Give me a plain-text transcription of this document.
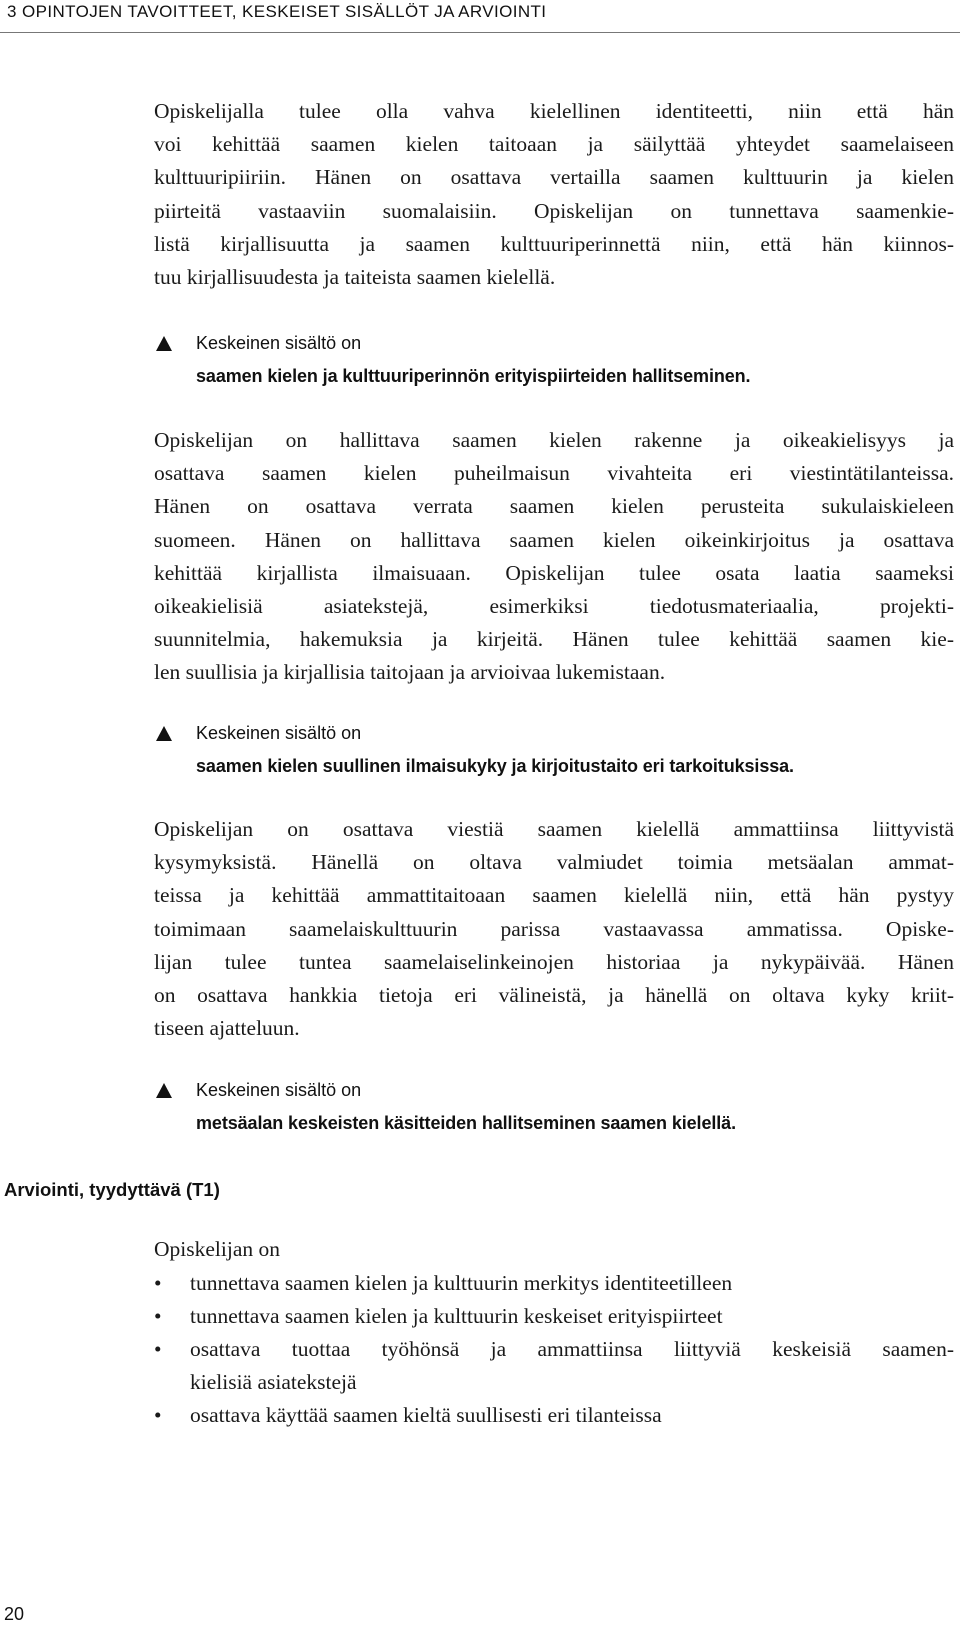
3 OPINTOJEN TAVOITTEET, KESKEISET SISÄLLÖT JA ARVIOINTI

Opiskelijalla tulee olla vahva kielellinen identiteetti, niin että hän
voi kehittää saamen kielen taitoaan ja säilyttää yhteydet saamelaiseen
kulttuuripiiriin. Hänen on osattava vertailla saamen kulttuurin ja kielen
piirteitä vastaaviin suomalaisiin. Opiskelijan on tunnettava saamenkie-
listä kirjallisuutta ja saamen kulttuuriperinnettä niin, että hän kiinnos-
tuu kirjallisuudesta ja taiteista saamen kielellä.

Keskeinen sisältö on
saamen kielen ja kulttuuriperinnön erityispiirteiden hallitseminen.

Opiskelijan on hallittava saamen kielen rakenne ja oikeakielisyys ja
osattava saamen kielen puheilmaisun vivahteita eri viestintätilanteissa.
Hänen on osattava verrata saamen kielen perusteita sukulaiskieleen
suomeen. Hänen on hallittava saamen kielen oikeinkirjoitus ja osattava
kehittää kirjallista ilmaisuaan. Opiskelijan tulee osata laatia saameksi
oikeakielisiä asiatekstejä, esimerkiksi tiedotusmateriaalia, projekti-
suunnitelmia, hakemuksia ja kirjeitä. Hänen tulee kehittää saamen kie-
len suullisia ja kirjallisia taitojaan ja arvioivaa lukemistaan.

Keskeinen sisältö on
saamen kielen suullinen ilmaisukyky ja kirjoitustaito eri tarkoituksissa.

Opiskelijan on osattava viestiä saamen kielellä ammattiinsa liittyvistä
kysymyksistä. Hänellä on oltava valmiudet toimia metsäalan ammat-
teissa ja kehittää ammattitaitoaan saamen kielellä niin, että hän pystyy
toimimaan saamelaiskulttuurin parissa vastaavassa ammatissa. Opiske-
lijan tulee tuntea saamelaiselinkeinojen historiaa ja nykypäivää. Hänen
on osattava hankkia tietoja eri välineistä, ja hänellä on oltava kyky kriit-
tiseen ajatteluun.

Keskeinen sisältö on
metsäalan keskeisten käsitteiden hallitseminen saamen kielellä.
Arviointi, tyydyttävä (T1)
Opiskelijan on
• tunnettava saamen kielen ja kulttuurin merkitys identiteetilleen
• tunnettava saamen kielen ja kulttuurin keskeiset erityispiirteet
• osattava tuottaa työhönsä ja ammattiinsa liittyviä keskeisiä saamen-
kielisiä asiatekstejä
• osattava käyttää saamen kieltä suullisesti eri tilanteissa
20
